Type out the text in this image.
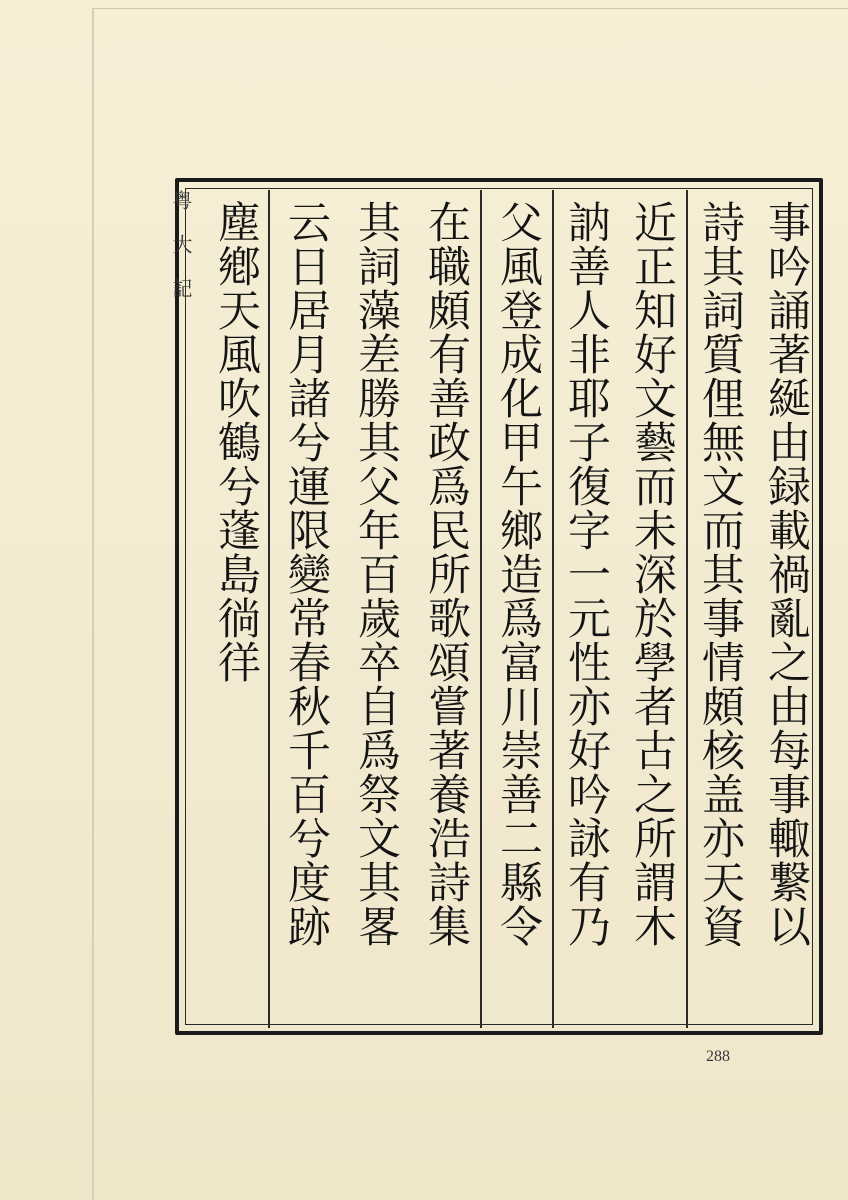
事吟誦著綖由録載禍亂之由每事輙繋以
詩其詞質俚無文而其事情頗核盖亦天資
近正知好文藝而未深於學者古之所謂木
訥善人非耶子復字一元性亦好吟詠有乃
父風登成化甲午鄉造爲富川崇善二縣令
在職頗有善政爲民所歌頌嘗著養浩詩集
其詞藻差勝其父年百歲卒自爲祭文其畧
云日居月諸兮運限變常春秋千百兮度跡
塵鄕天風吹鶴兮蓬島徜徉
粤 大 記
288
